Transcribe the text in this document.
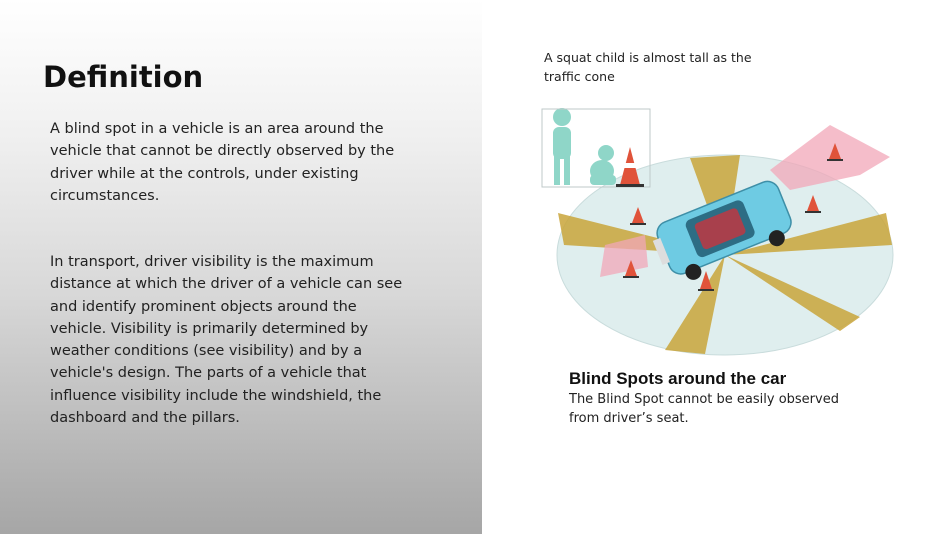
Definition

A blind spot in a vehicle is an area around the vehicle that cannot be directly observed by the driver while at the controls, under existing circumstances.

In transport, driver visibility is the maximum distance at which the driver of a vehicle can see and identify prominent objects around the vehicle. Visibility is primarily determined by weather conditions (see visibility) and by a vehicle's design. The parts of a vehicle that influence visibility include the windshield, the dashboard and the pillars.

A squat child is almost tall as the traffic cone
Blind Spots around the car
The Blind Spot cannot be easily observed from driver’s seat.
